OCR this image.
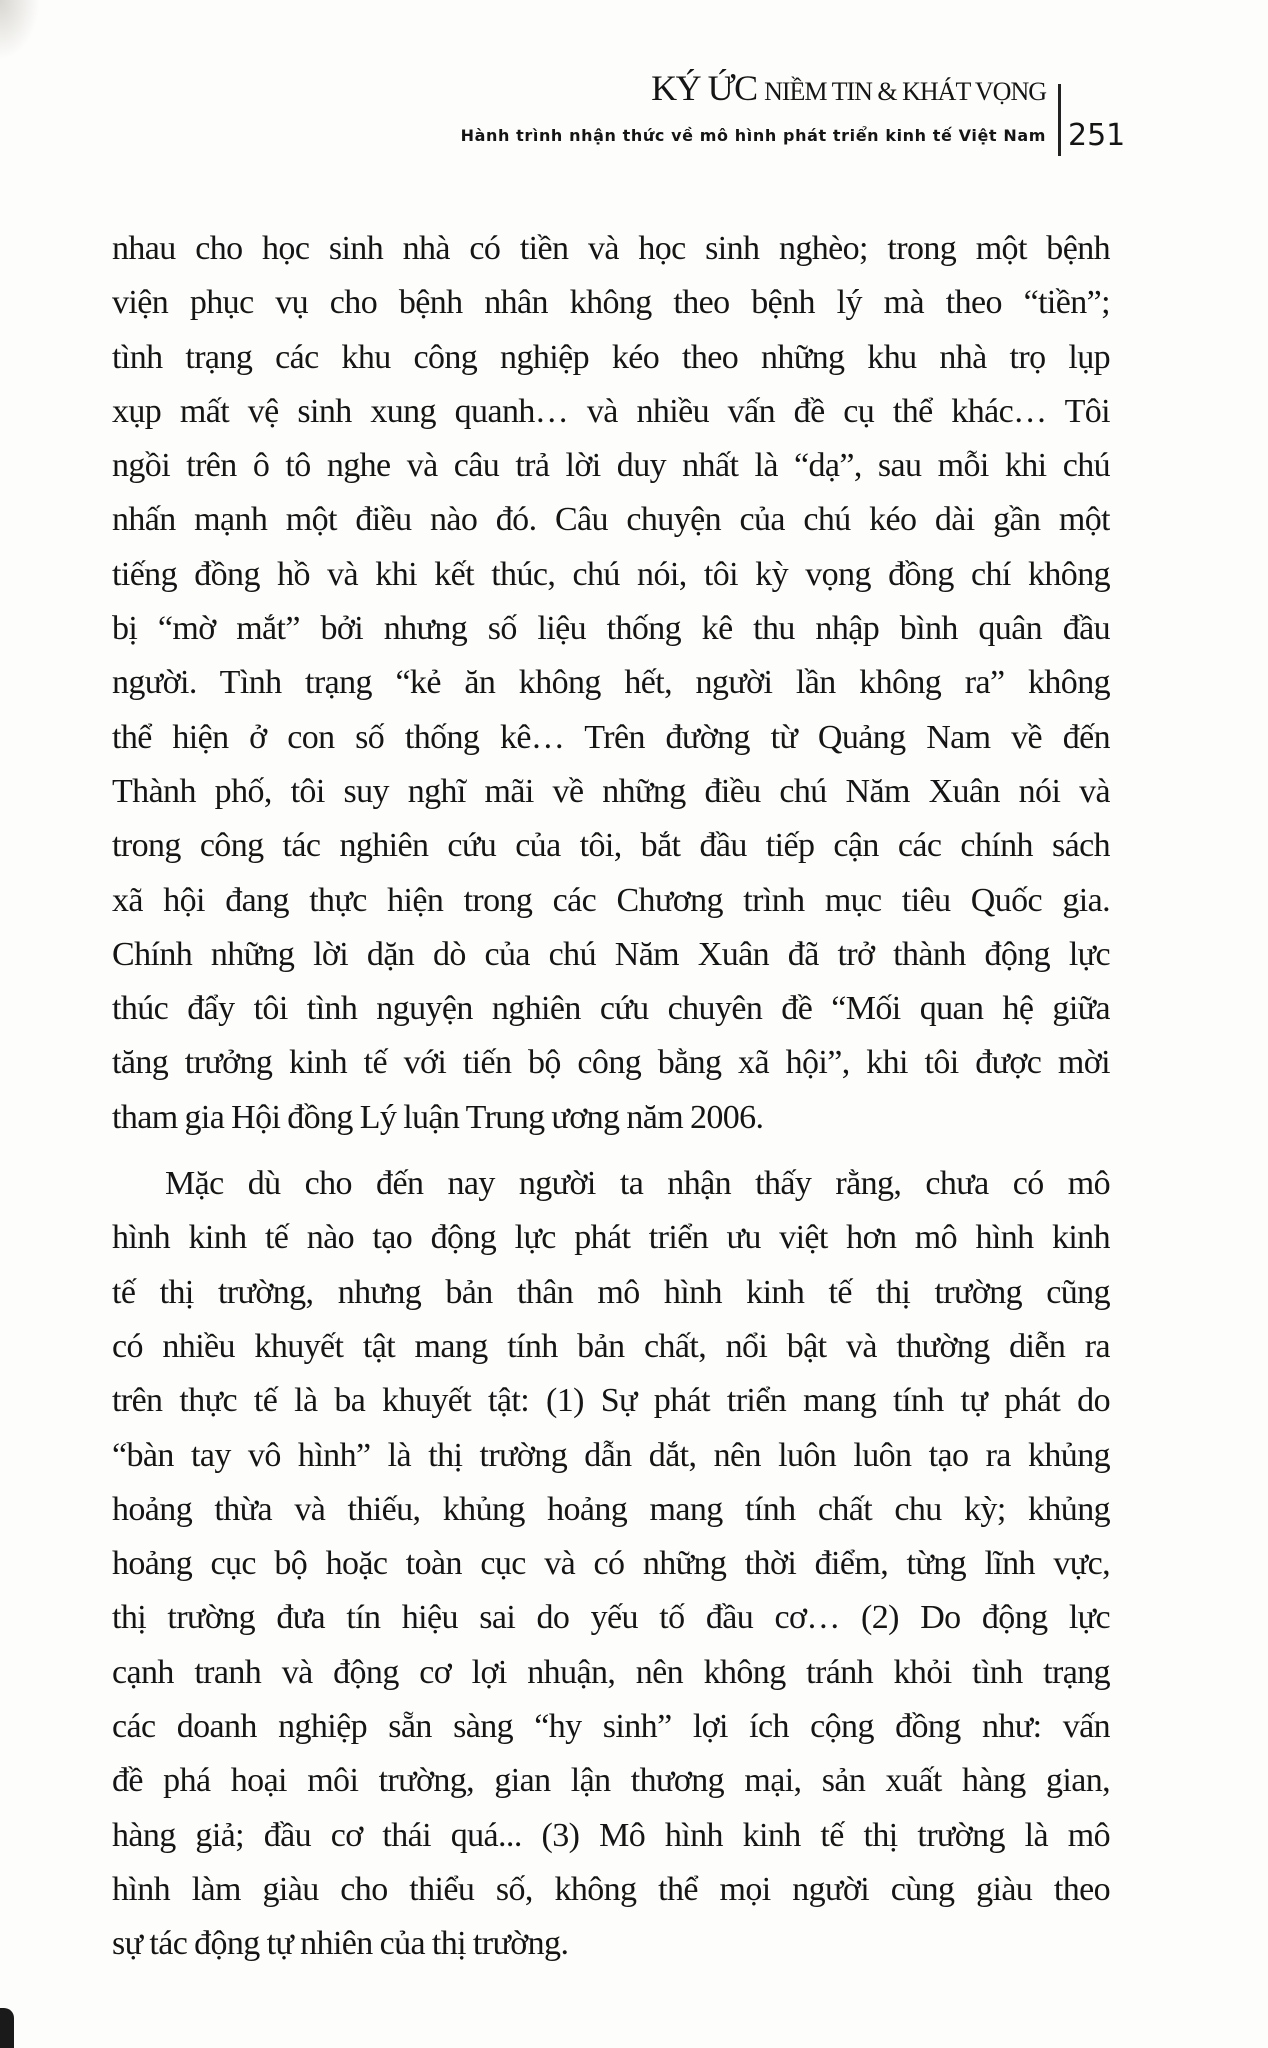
KÝ ỨC NIỀM TIN & KHÁT VỌNG
Hành trình nhận thức về mô hình phát triển kinh tế Việt Nam 251
nhau cho học sinh nhà có tiền và học sinh nghèo; trong một bệnh
viện phục vụ cho bệnh nhân không theo bệnh lý mà theo “tiền”;
tình trạng các khu công nghiệp kéo theo những khu nhà trọ lụp
xụp mất vệ sinh xung quanh… và nhiều vấn đề cụ thể khác… Tôi
ngồi trên ô tô nghe và câu trả lời duy nhất là “dạ”, sau mỗi khi chú
nhấn mạnh một điều nào đó. Câu chuyện của chú kéo dài gần một
tiếng đồng hồ và khi kết thúc, chú nói, tôi kỳ vọng đồng chí không
bị “mờ mắt” bởi nhưng số liệu thống kê thu nhập bình quân đầu
người. Tình trạng “kẻ ăn không hết, người lần không ra” không
thể hiện ở con số thống kê… Trên đường từ Quảng Nam về đến
Thành phố, tôi suy nghĩ mãi về những điều chú Năm Xuân nói và
trong công tác nghiên cứu của tôi, bắt đầu tiếp cận các chính sách
xã hội đang thực hiện trong các Chương trình mục tiêu Quốc gia.
Chính những lời dặn dò của chú Năm Xuân đã trở thành động lực
thúc đẩy tôi tình nguyện nghiên cứu chuyên đề “Mối quan hệ giữa
tăng trưởng kinh tế với tiến bộ công bằng xã hội”, khi tôi được mời
tham gia Hội đồng Lý luận Trung ương năm 2006.
Mặc dù cho đến nay người ta nhận thấy rằng, chưa có mô
hình kinh tế nào tạo động lực phát triển ưu việt hơn mô hình kinh
tế thị trường, nhưng bản thân mô hình kinh tế thị trường cũng
có nhiều khuyết tật mang tính bản chất, nổi bật và thường diễn ra
trên thực tế là ba khuyết tật: (1) Sự phát triển mang tính tự phát do
“bàn tay vô hình” là thị trường dẫn dắt, nên luôn luôn tạo ra khủng
hoảng thừa và thiếu, khủng hoảng mang tính chất chu kỳ; khủng
hoảng cục bộ hoặc toàn cục và có những thời điểm, từng lĩnh vực,
thị trường đưa tín hiệu sai do yếu tố đầu cơ… (2) Do động lực
cạnh tranh và động cơ lợi nhuận, nên không tránh khỏi tình trạng
các doanh nghiệp sẵn sàng “hy sinh” lợi ích cộng đồng như: vấn
đề phá hoại môi trường, gian lận thương mại, sản xuất hàng gian,
hàng giả; đầu cơ thái quá... (3) Mô hình kinh tế thị trường là mô
hình làm giàu cho thiểu số, không thể mọi người cùng giàu theo
sự tác động tự nhiên của thị trường.
